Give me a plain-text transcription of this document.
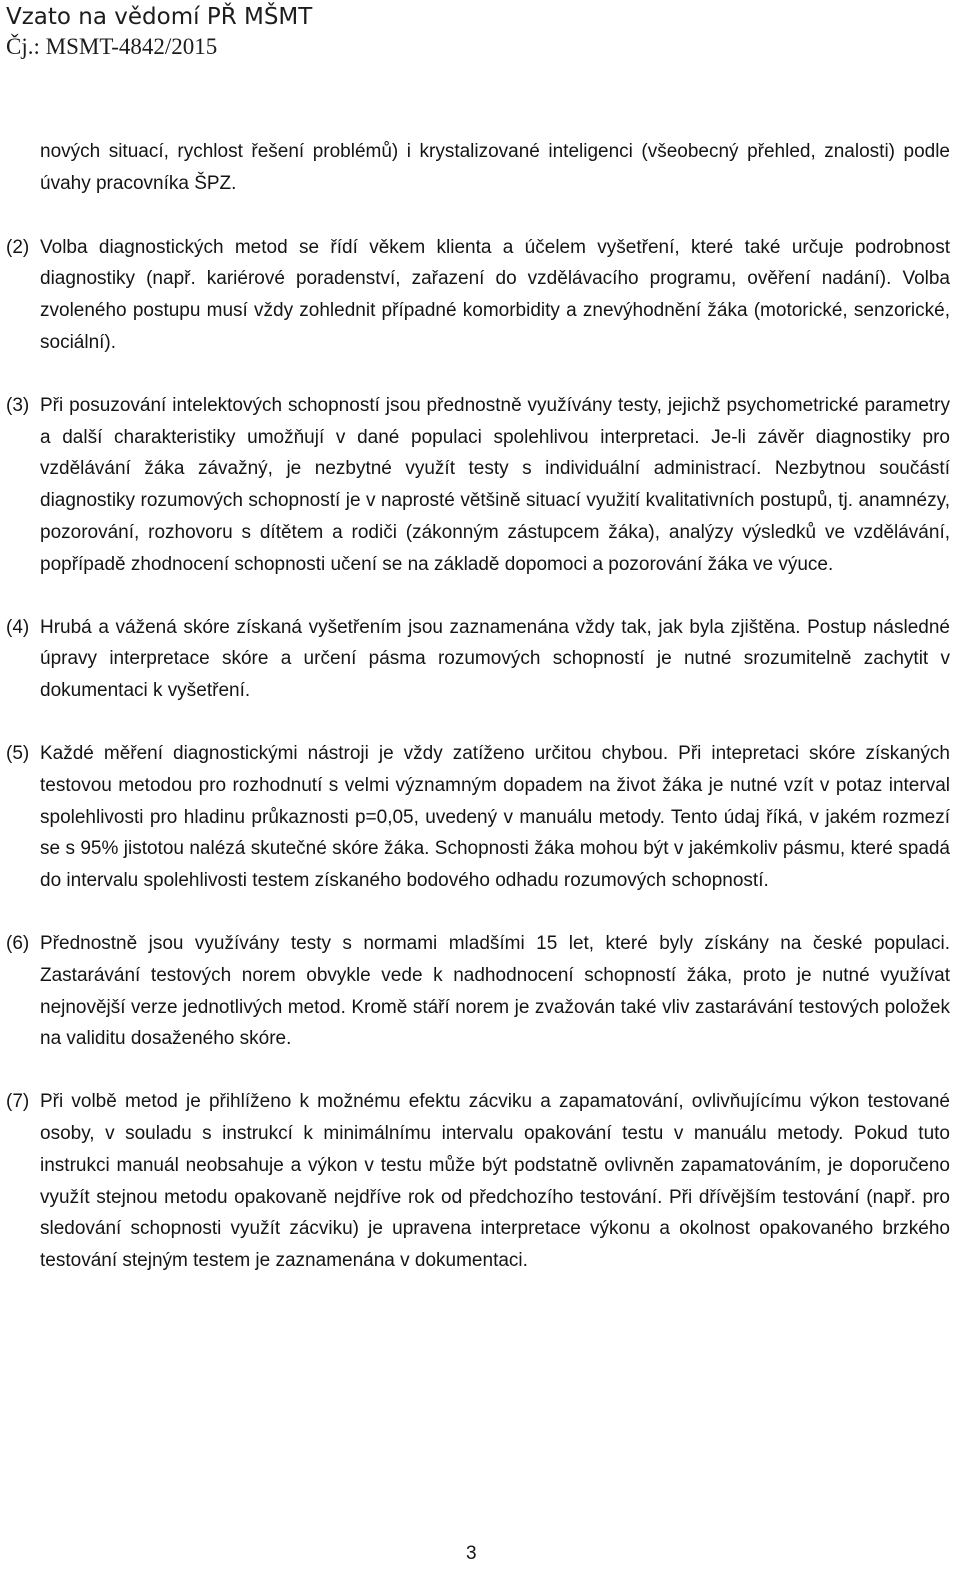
Vzato na vědomí PŘ MŠMT
Čj.: MSMT-4842/2015
nových situací, rychlost řešení problémů) i krystalizované inteligenci (všeobecný přehled, znalosti) podle úvahy pracovníka ŠPZ.
(2) Volba diagnostických metod se řídí věkem klienta a účelem vyšetření, které také určuje podrobnost diagnostiky (např. kariérové poradenství, zařazení do vzdělávacího programu, ověření nadání). Volba zvoleného postupu musí vždy zohlednit případné komorbidity a znevýhodnění žáka (motorické, senzorické, sociální).
(3) Při posuzování intelektových schopností jsou přednostně využívány testy, jejichž psychometrické parametry a další charakteristiky umožňují v dané populaci spolehlivou interpretaci. Je-li závěr diagnostiky pro vzdělávání žáka závažný, je nezbytné využít testy s individuální administrací. Nezbytnou součástí diagnostiky rozumových schopností je v naprosté většině situací využití kvalitativních postupů, tj. anamnézy, pozorování, rozhovoru s dítětem a rodiči (zákonným zástupcem žáka), analýzy výsledků ve vzdělávání, popřípadě zhodnocení schopnosti učení se na základě dopomoci a pozorování žáka ve výuce.
(4) Hrubá a vážená skóre získaná vyšetřením jsou zaznamenána vždy tak, jak byla zjištěna. Postup následné úpravy interpretace skóre a určení pásma rozumových schopností je nutné srozumitelně zachytit v dokumentaci k vyšetření.
(5) Každé měření diagnostickými nástroji je vždy zatíženo určitou chybou. Při intepretaci skóre získaných testovou metodou pro rozhodnutí s velmi významným dopadem na život žáka je nutné vzít v potaz interval spolehlivosti pro hladinu průkaznosti p=0,05, uvedený v manuálu metody. Tento údaj říká, v jakém rozmezí se s 95% jistotou nalézá skutečné skóre žáka. Schopnosti žáka mohou být v jakémkoliv pásmu, které spadá do intervalu spolehlivosti testem získaného bodového odhadu rozumových schopností.
(6) Přednostně jsou využívány testy s normami mladšími 15 let, které byly získány na české populaci. Zastarávání testových norem obvykle vede k nadhodnocení schopností žáka, proto je nutné využívat nejnovější verze jednotlivých metod. Kromě stáří norem je zvažován také vliv zastarávání testových položek na validitu dosaženého skóre.
(7) Při volbě metod je přihlíženo k možnému efektu zácviku a zapamatování, ovlivňujícímu výkon testované osoby, v souladu s instrukcí k minimálnímu intervalu opakování testu v manuálu metody. Pokud tuto instrukci manuál neobsahuje a výkon v testu může být podstatně ovlivněn zapamatováním, je doporučeno využít stejnou metodu opakovaně nejdříve rok od předchozího testování. Při dřívějším testování (např. pro sledování schopnosti využít zácviku) je upravena interpretace výkonu a okolnost opakovaného brzkého testování stejným testem je zaznamenána v dokumentaci.
3
